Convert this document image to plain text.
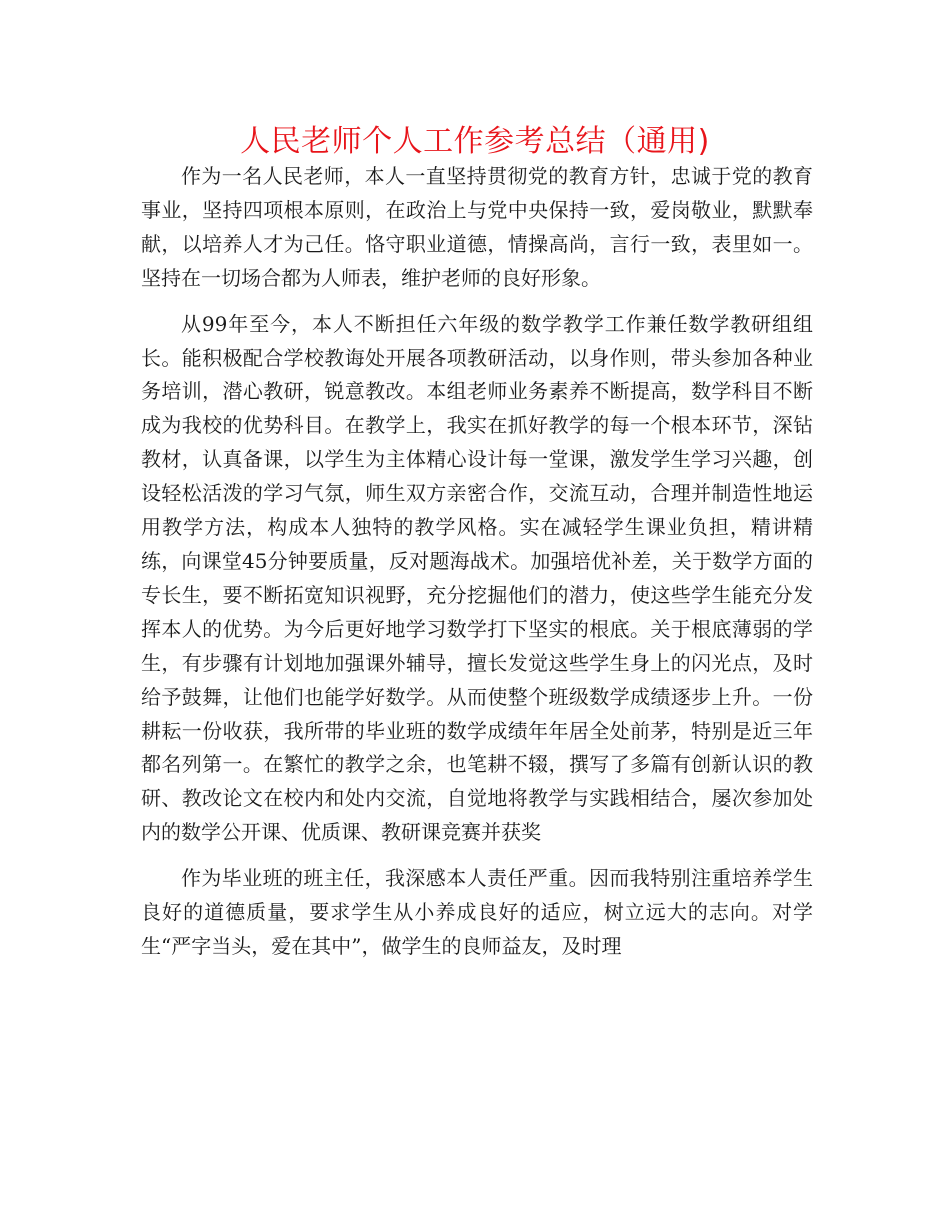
人民老师个人工作参考总结（通用)

作为一名人民老师，本人一直坚持贯彻党的教育方针，忠诚于党的教育事业，坚持四项根本原则，在政治上与党中央保持一致，爱岗敬业，默默奉献，以培养人才为己任。恪守职业道德，情操高尚，言行一致，表里如一。坚持在一切场合都为人师表，维护老师的良好形象。

从99年至今，本人不断担任六年级的数学教学工作兼任数学教研组组长。能积极配合学校教诲处开展各项教研活动，以身作则，带头参加各种业务培训，潜心教研，锐意教改。本组老师业务素养不断提高，数学科目不断成为我校的优势科目。在教学上，我实在抓好教学的每一个根本环节，深钻教材，认真备课，以学生为主体精心设计每一堂课，激发学生学习兴趣，创设轻松活泼的学习气氛，师生双方亲密合作，交流互动，合理并制造性地运用教学方法，构成本人独特的教学风格。实在减轻学生课业负担，精讲精练，向课堂45分钟要质量，反对题海战术。加强培优补差，关于数学方面的专长生，要不断拓宽知识视野，充分挖掘他们的潜力，使这些学生能充分发挥本人的优势。为今后更好地学习数学打下坚实的根底。关于根底薄弱的学生，有步骤有计划地加强课外辅导，擅长发觉这些学生身上的闪光点，及时给予鼓舞，让他们也能学好数学。从而使整个班级数学成绩逐步上升。一份耕耘一份收获，我所带的毕业班的数学成绩年年居全处前茅，特别是近三年都名列第一。在繁忙的教学之余，也笔耕不辍，撰写了多篇有创新认识的教研、教改论文在校内和处内交流，自觉地将教学与实践相结合，屡次参加处内的数学公开课、优质课、教研课竞赛并获奖

作为毕业班的班主任，我深感本人责任严重。因而我特别注重培养学生良好的道德质量，要求学生从小养成良好的适应，树立远大的志向。对学生“严字当头，爱在其中”，做学生的良师益友，及时理
